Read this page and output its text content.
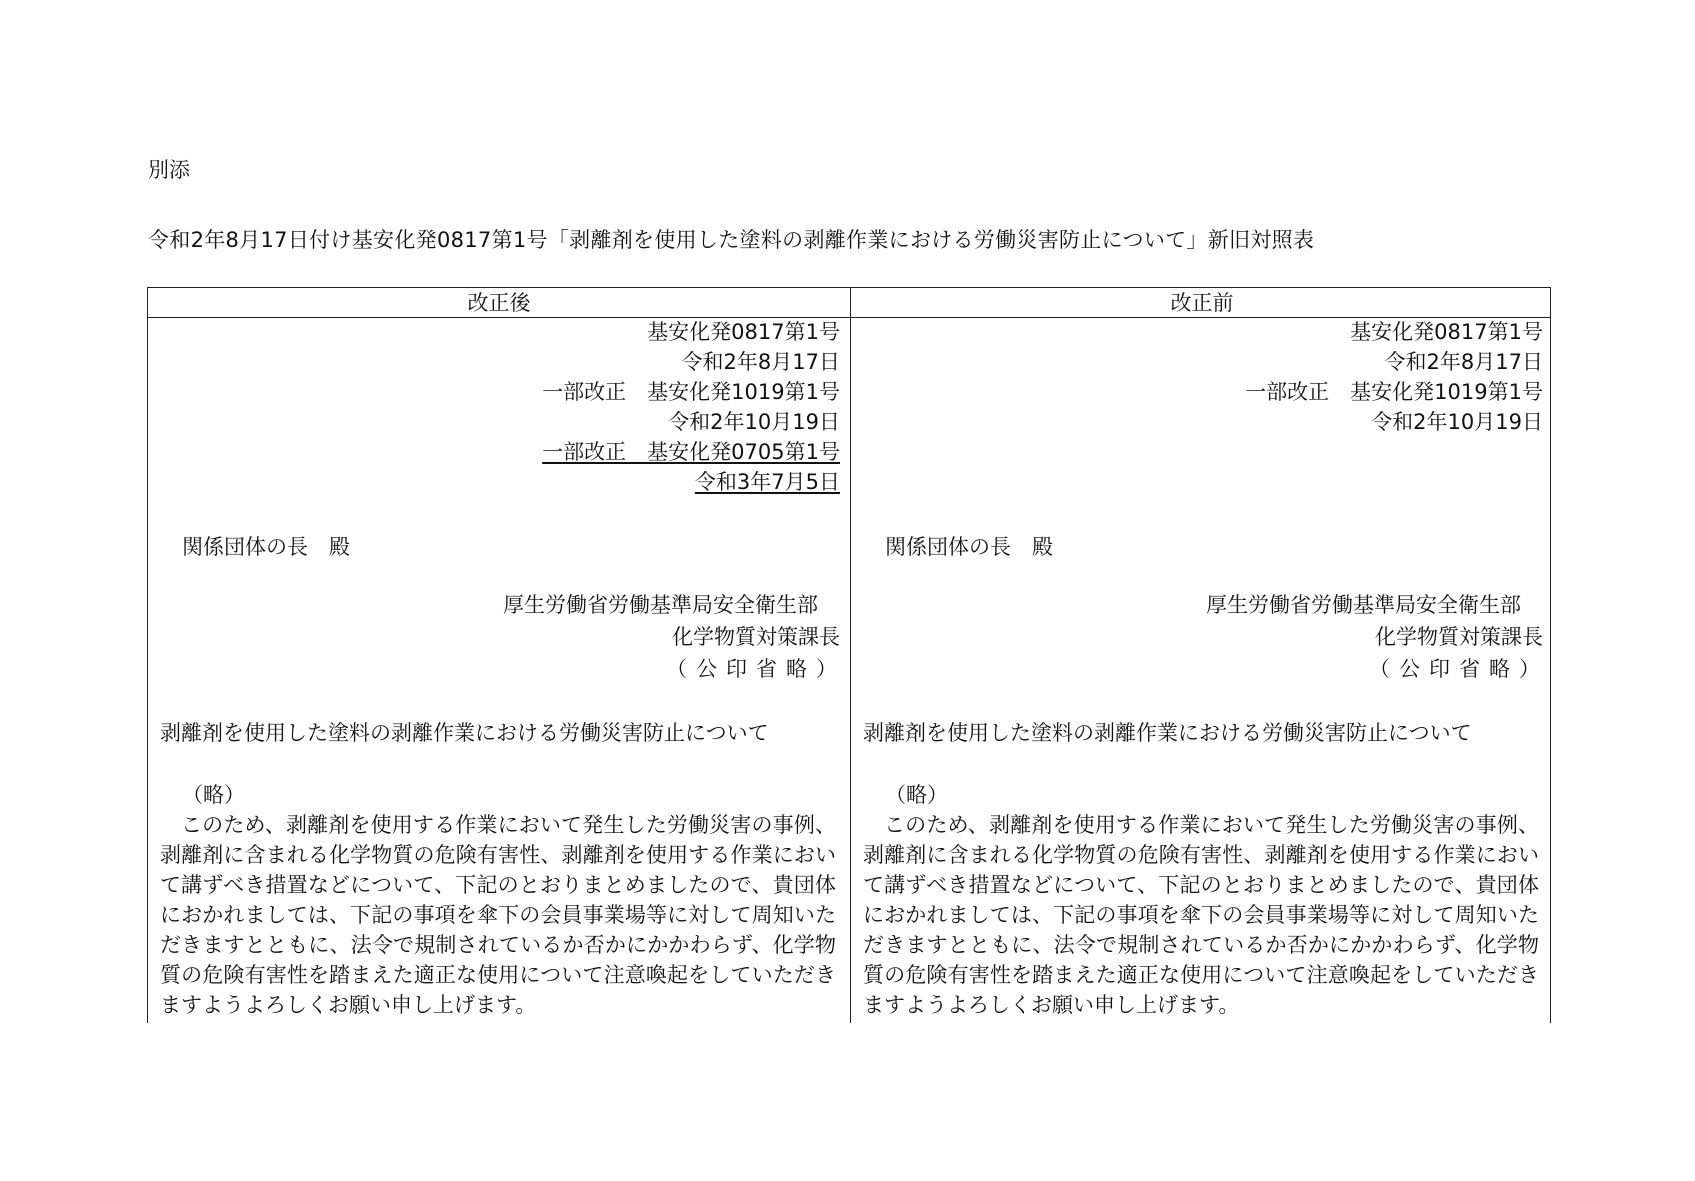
別添
令和2年8月17日付け基安化発0817第1号「剥離剤を使用した塗料の剥離作業における労働災害防止について」新旧対照表
改正後
基安化発0817第1号
令和2年8月17日
一部改正　基安化発1019第1号
令和2年10月19日
一部改正　基安化発0705第1号
令和3年7月5日
関係団体の長　殿
厚生労働省労働基準局安全衛生部
化学物質対策課長
（公印省略）
剥離剤を使用した塗料の剥離作業における労働災害防止について
（略）
このため、剥離剤を使用する作業において発生した労働災害の事例、剥離剤に含まれる化学物質の危険有害性、剥離剤を使用する作業において講ずべき措置などについて、下記のとおりまとめましたので、貴団体におかれましては、下記の事項を傘下の会員事業場等に対して周知いただきますとともに、法令で規制されているか否かにかかわらず、化学物質の危険有害性を踏まえた適正な使用について注意喚起をしていただきますようよろしくお願い申し上げます。
改正前
基安化発0817第1号
令和2年8月17日
一部改正　基安化発1019第1号
令和2年10月19日
関係団体の長　殿
厚生労働省労働基準局安全衛生部
化学物質対策課長
（公印省略）
剥離剤を使用した塗料の剥離作業における労働災害防止について
（略）
このため、剥離剤を使用する作業において発生した労働災害の事例、剥離剤に含まれる化学物質の危険有害性、剥離剤を使用する作業において講ずべき措置などについて、下記のとおりまとめましたので、貴団体におかれましては、下記の事項を傘下の会員事業場等に対して周知いただきますとともに、法令で規制されているか否かにかかわらず、化学物質の危険有害性を踏まえた適正な使用について注意喚起をしていただきますようよろしくお願い申し上げます。
